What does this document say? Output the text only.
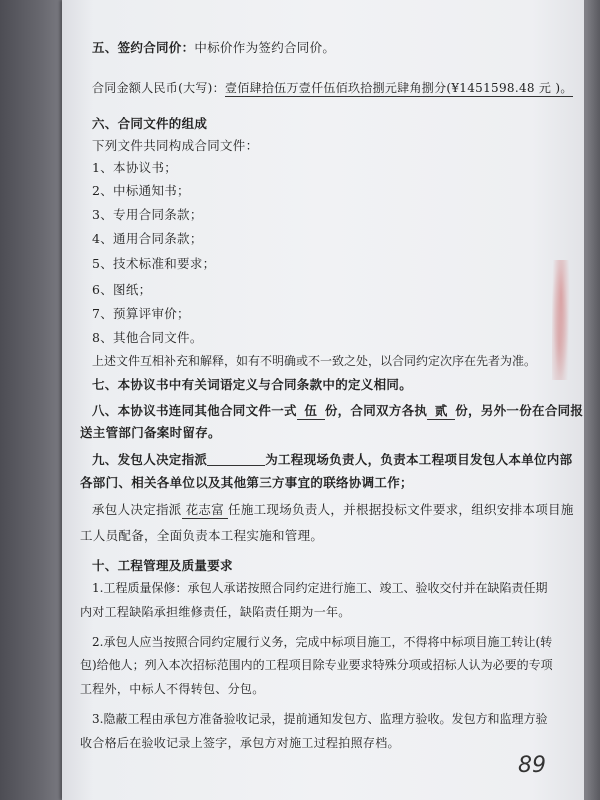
五、签约合同价：中标价作为签约合同价。
合同金额人民币(大写)：壹佰肆拾伍万壹仟伍佰玖拾捌元肆角捌分(¥1451598.48 元 )。
六、合同文件的组成
下列文件共同构成合同文件：
1、本协议书；
2、中标通知书；
3、专用合同条款；
4、通用合同条款；
5、技术标准和要求；
6、图纸；
7、预算评审价；
8、其他合同文件。
上述文件互相补充和解释，如有不明确或不一致之处，以合同约定次序在先者为准。
七、本协议书中有关词语定义与合同条款中的定义相同。
八、本协议书连同其他合同文件一式 伍 份，合同双方各执 贰 份，另外一份在合同报
送主管部门备案时留存。
九、发包人决定指派	为工程现场负责人，负责本工程项目发包人本单位内部
各部门、相关各单位以及其他第三方事宜的联络协调工作；
承包人决定指派 花志富 任施工现场负责人，并根据投标文件要求，组织安排本项目施
工人员配备，全面负责本工程实施和管理。
十、工程管理及质量要求
1.工程质量保修：承包人承诺按照合同约定进行施工、竣工、验收交付并在缺陷责任期
内对工程缺陷承担维修责任，缺陷责任期为一年。
2.承包人应当按照合同约定履行义务，完成中标项目施工，不得将中标项目施工转让(转
包)给他人；列入本次招标范围内的工程项目除专业要求特殊分项或招标人认为必要的专项
工程外，中标人不得转包、分包。
3.隐蔽工程由承包方准备验收记录，提前通知发包方、监理方验收。发包方和监理方验
收合格后在验收记录上签字，承包方对施工过程拍照存档。
89
